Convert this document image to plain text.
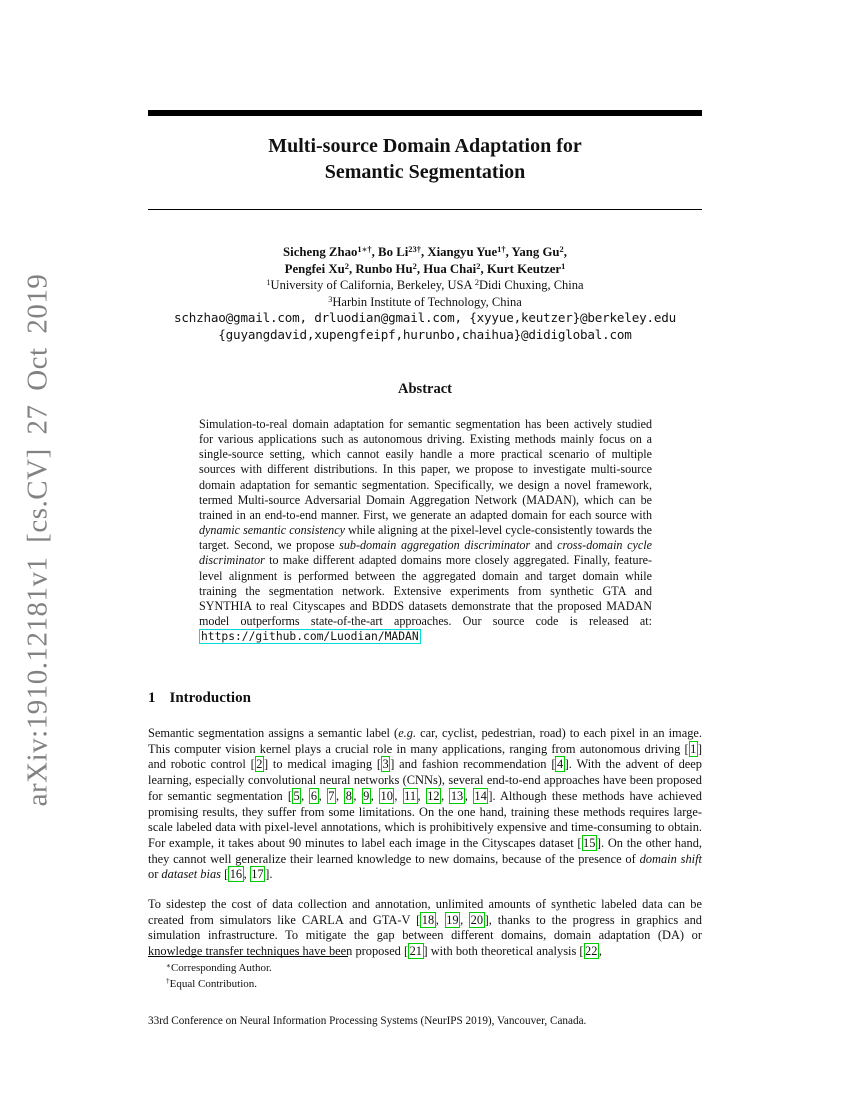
arXiv:1910.12181v1 [cs.CV] 27 Oct 2019
Multi-source Domain Adaptation for
Semantic Segmentation
Sicheng Zhao$^{1∗\dagger}$, Bo $Li^{23\dagger}$, Xiangyu Yue$^{1\dagger}$, Yang Gu$^2$,
Pengfei Xu$^2$, Runbo Hu$^2$, Hua Chai$^2$, Kurt Keutzer$^1$
$^1$University of California, Berkeley, USA $^2$Didi Chuxing, China
$^3$Harbin Institute of Technology, China
schzhao@gmail.com, drluodian@gmail.com, {xyyue,keutzer}@berkeley.edu
{guyangdavid,xupengfeipf,hurunbo,chaihua}@didiglobal.com
Abstract
Simulation-to-real domain adaptation for semantic segmentation has been actively studied for various applications such as autonomous driving. Existing methods mainly focus on a single-source setting, which cannot easily handle a more practical scenario of multiple sources with different distributions. In this paper, we propose to investigate multi-source domain adaptation for semantic segmentation. Specifically, we design a novel framework, termed Multi-source Adversarial Domain Aggregation Network (MADAN), which can be trained in an end-to-end manner. First, we generate an adapted domain for each source with dynamic semantic consistency while aligning at the pixel-level cycle-consistently towards the target. Second, we propose sub-domain aggregation discriminator and cross-domain cycle discriminator to make different adapted domains more closely aggregated. Finally, feature-level alignment is performed between the aggregated domain and target domain while training the segmentation network. Extensive experiments from synthetic GTA and SYNTHIA to real Cityscapes and BDDS datasets demonstrate that the proposed MADAN model outperforms state-of-the-art approaches. Our source code is released at: https://github.com/Luodian/MADAN
1 Introduction
Semantic segmentation assigns a semantic label (e.g. car, cyclist, pedestrian, road) to each pixel in an image. This computer vision kernel plays a crucial role in many applications, ranging from autonomous driving [ 1 ] and robotic control [ 2 ] to medical imaging [ 3 ] and fashion recommendation [ 4 ]. With the advent of deep learning, especially convolutional neural networks (CNNs), several end-to-end approaches have been proposed for semantic segmentation [ 5 , 6 , 7 , 8 , 9 , 10 , 11 , 12 , 13 , 14 ]. Although these methods have achieved promising results, they suffer from some limitations. On the one hand, training these methods requires large-scale labeled data with pixel-level annotations, which is prohibitively expensive and time-consuming to obtain. For example, it takes about 90 minutes to label each image in the Cityscapes dataset [ 15 ]. On the other hand, they cannot well generalize their learned knowledge to new domains, because of the presence of domain shift or dataset bias [ 16 , 17 ].
To sidestep the cost of data collection and annotation, unlimited amounts of synthetic labeled data can be created from simulators like CARLA and GTA-V [ 18 , 19 , 20 ], thanks to the progress in graphics and simulation infrastructure. To mitigate the gap between different domains, domain adaptation (DA) or knowledge transfer techniques have been proposed [ 21 ] with both theoretical analysis [ 22 ,
∗Corresponding Author.
†Equal Contribution.
33rd Conference on Neural Information Processing Systems (NeurIPS 2019), Vancouver, Canada.
